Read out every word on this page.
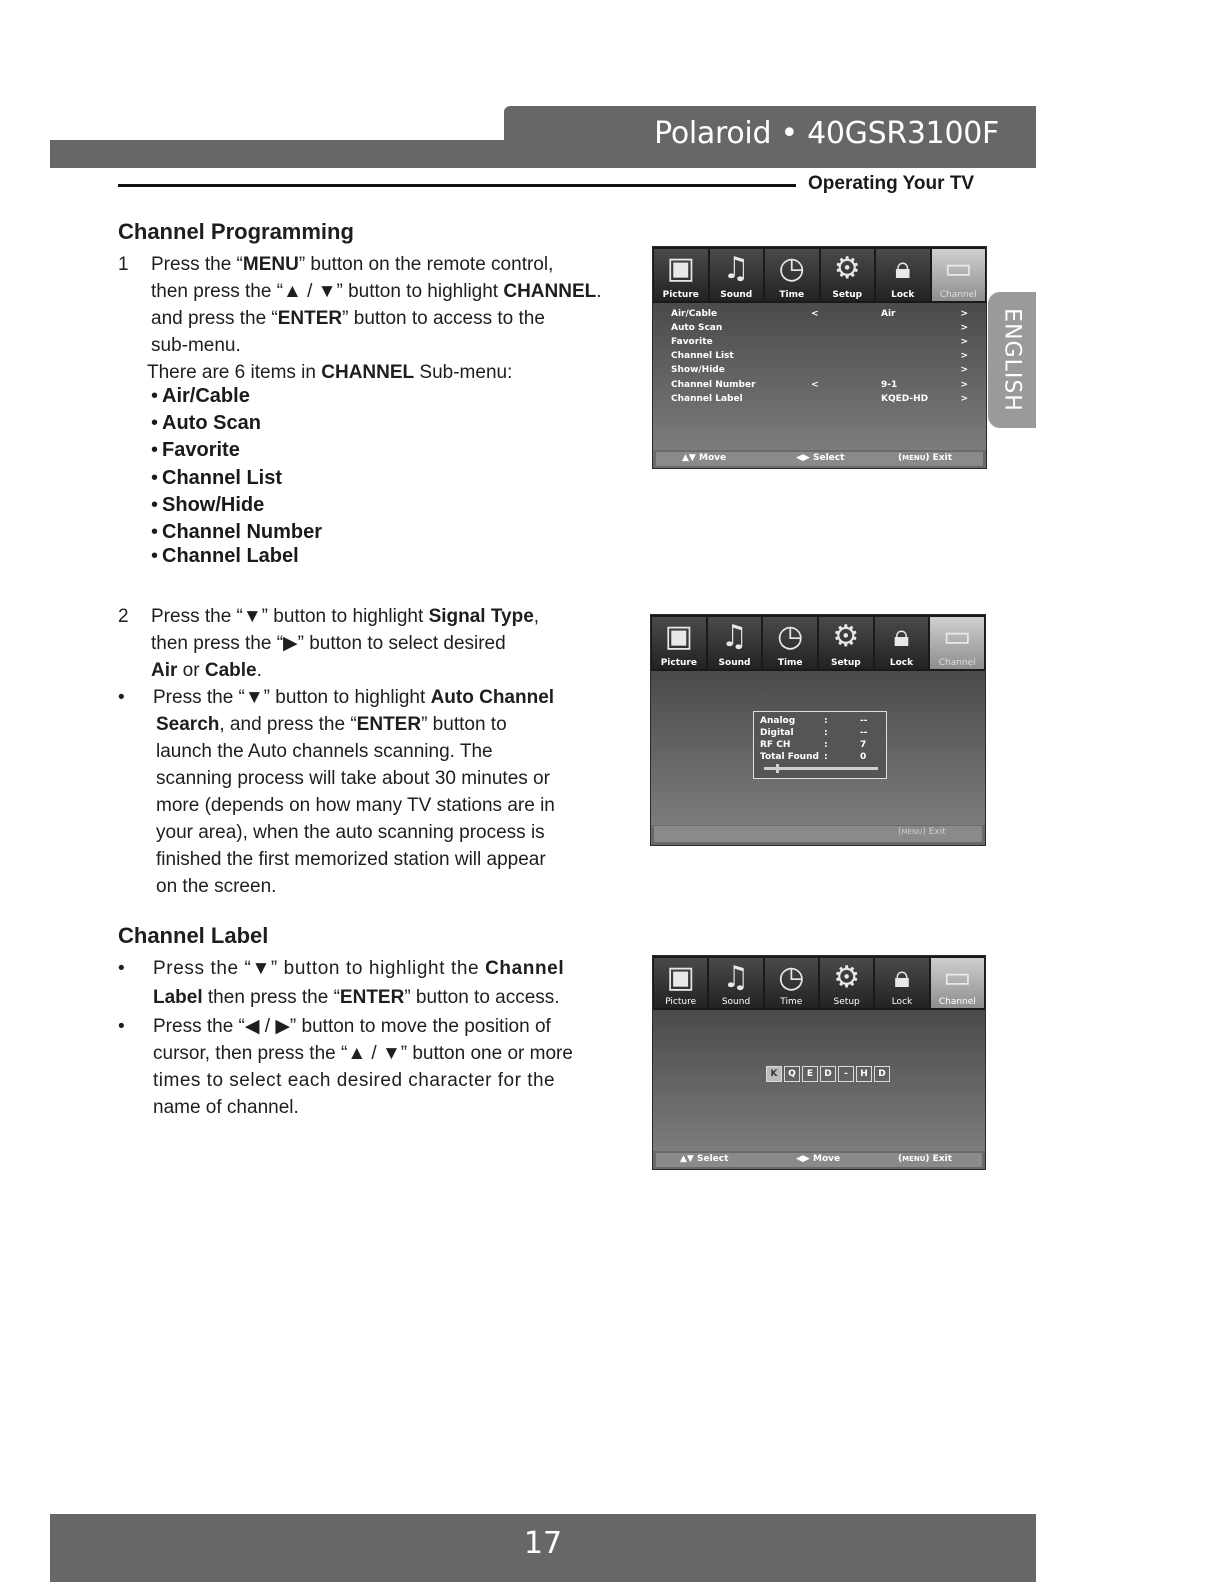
Polaroid • 40GSR3100F
Operating Your TV
ENGLISH
Channel Programming
1 Press the “MENU” button on the remote control,
then press the “▲ / ▼” button to highlight CHANNEL.
and press the “ENTER” button to access to the
sub-menu.
There are 6 items in CHANNEL Sub-menu:
• Air/Cable
• Auto Scan
• Favorite
• Channel List
• Show/Hide
• Channel Number
• Channel Label
2 Press the “▼” button to highlight Signal Type,
then press the “▶” button to select desired
Air or Cable.
• Press the “▼” button to highlight Auto Channel
Search, and press the “ENTER” button to
launch the Auto channels scanning. The
scanning process will take about 30 minutes or
more (depends on how many TV stations are in
your area), when the auto scanning process is
finished the first memorized station will appear
on the screen.
Channel Label
• Press the “▼” button to highlight the Channel
Label then press the “ENTER” button to access.
• Press the “◀ / ▶” button to move the position of
cursor, then press the “▲ / ▼” button one or more
times to select each desired character for the
name of channel.
▣
Picture
♫
Sound
◷
Time
⚙
Setup
🔒︎
Lock
▭
Channel
Air/Cable	<	Air	>
Auto Scan	>
Favorite	>
Channel List	>
Show/Hide	>
Channel Number	<	9-1	>
Channel Label	KQED-HD	>
▲▼ Move	◀▶ Select	(MENU) Exit
▣
Picture
♫
Sound
◷
Time
⚙
Setup
🔒︎
Lock
▭
Channel
Analog	:	--
Digital	:	--
RF CH	:	7
Total Found :	0
(MENU) Exit
▣
Picture
♫
Sound
◷
Time
⚙
Setup
🔒︎
Lock
▭
Channel
K	Q	E	D	-	H	D
▲▼ Select	◀▶ Move	(MENU) Exit
17
